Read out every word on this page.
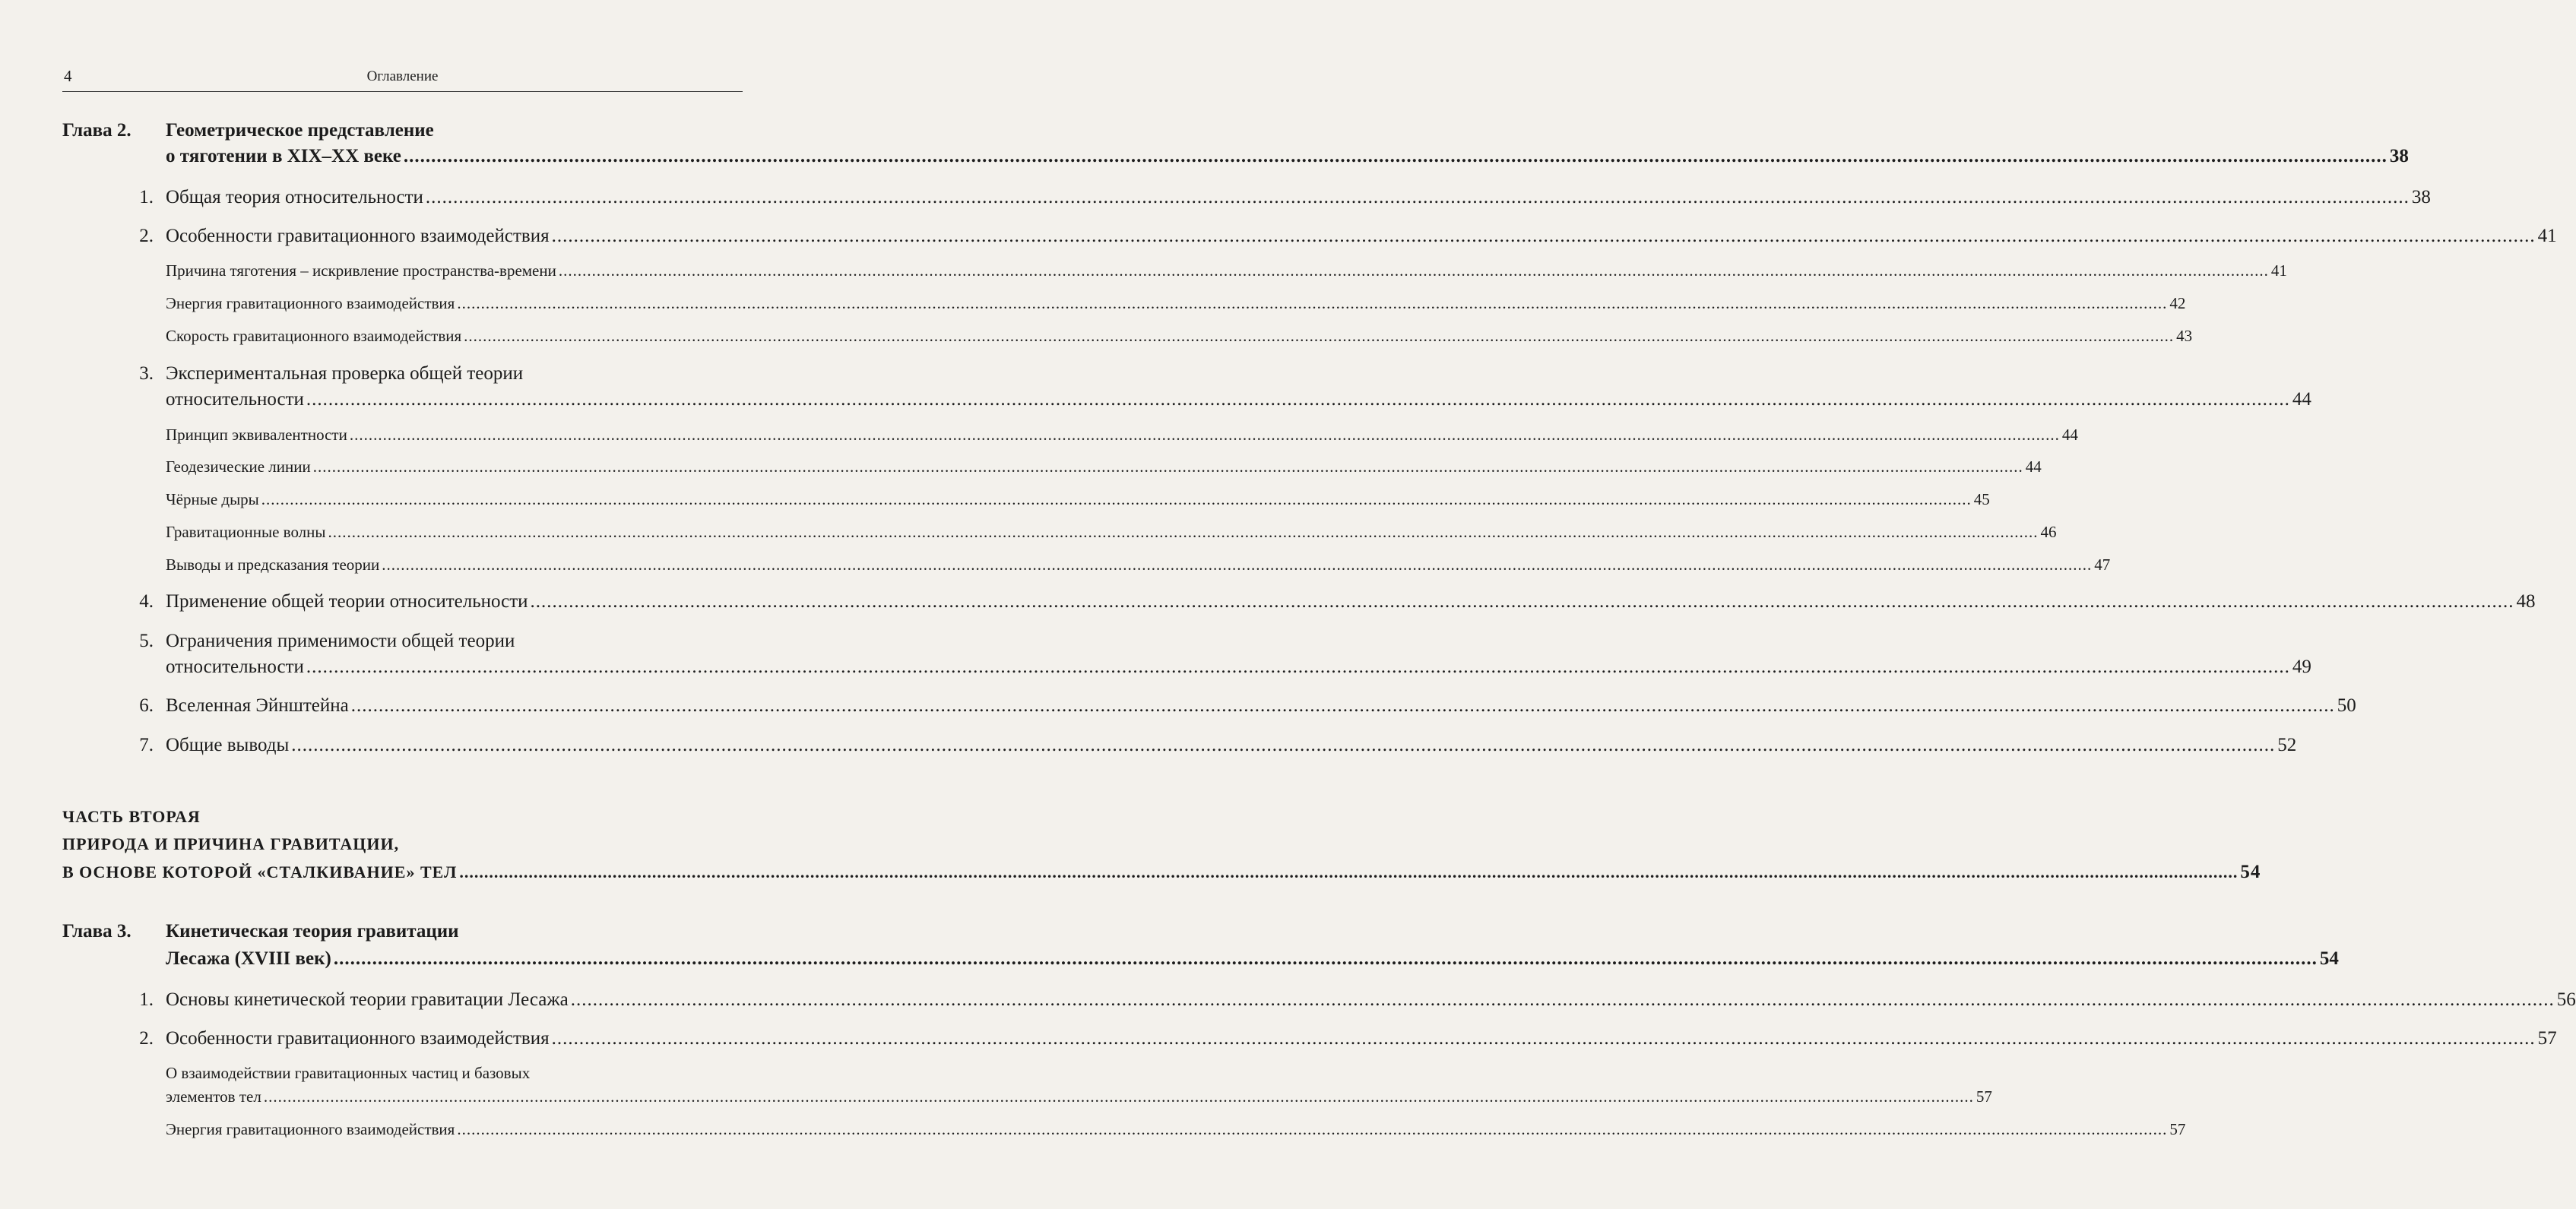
4	Оглавление
Глава 2. Геометрическое представление
о тяготении в XIX–XX веке .....	38
1. Общая теория относительности .....	38
2. Особенности гравитационного взаимодействия .....	41
Причина тяготения – искривление пространства-времени .....	41
Энергия гравитационного взаимодействия .....	42
Скорость гравитационного взаимодействия .....	43
3. Экспериментальная проверка общей теории
относительности .....	44
Принцип эквивалентности .....	44
Геодезические линии .....	44
Чёрные дыры .....	45
Гравитационные волны .....	46
Выводы и предсказания теории .....	47
4. Применение общей теории относительности .....	48
5. Ограничения применимости общей теории
относительности .....	49
6. Вселенная Эйнштейна .....	50
7. Общие выводы .....	52
ЧАСТЬ ВТОРАЯ
ПРИРОДА И ПРИЧИНА ГРАВИТАЦИИ,
В ОСНОВЕ КОТОРОЙ «СТАЛКИВАНИЕ» ТЕЛ .....	54
Глава 3. Кинетическая теория гравитации
Лесажа (XVIII век) .....	54
1. Основы кинетической теории гравитации Лесажа .....	56
2. Особенности гравитационного взаимодействия .....	57
О взаимодействии гравитационных частиц и базовых
элементов тел .....	57
Энергия гравитационного взаимодействия .....	57
